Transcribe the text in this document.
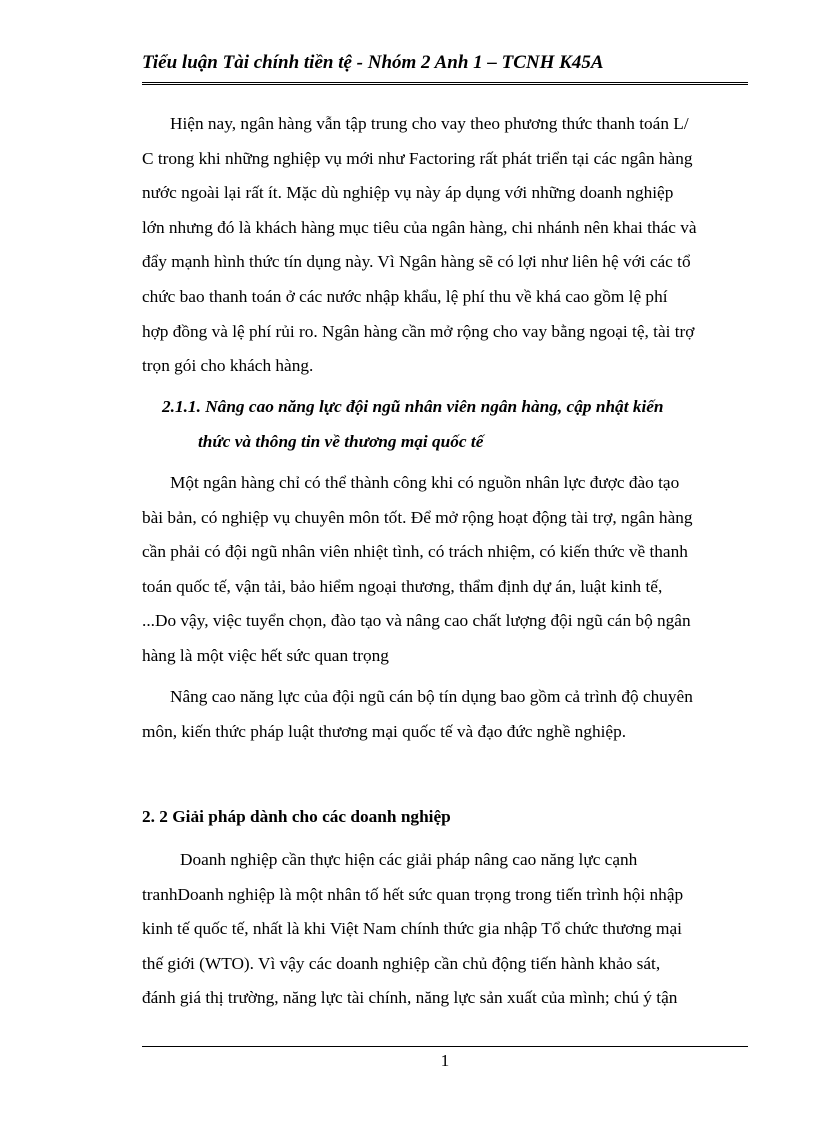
Tiểu luận Tài chính tiền tệ - Nhóm 2 Anh 1 – TCNH K45A
Hiện nay, ngân hàng vẫn tập trung cho vay theo phương thức thanh toán L/
C trong khi những nghiệp vụ mới như Factoring rất phát triển tại các ngân hàng
nước ngoài lại rất ít. Mặc dù nghiệp vụ này áp dụng với những doanh nghiệp
lớn nhưng đó là khách hàng mục tiêu của ngân hàng, chi nhánh nên khai thác và
đẩy mạnh hình thức tín dụng này. Vì Ngân hàng sẽ có lợi như liên hệ với các tổ
chức bao thanh toán ở các nước nhập khẩu, lệ phí thu về khá cao gồm lệ phí
hợp đồng và lệ phí rủi ro. Ngân hàng cần mở rộng cho vay bằng ngoại tệ, tài trợ
trọn gói cho khách hàng.
2.1.1. Nâng cao năng lực đội ngũ nhân viên ngân hàng, cập nhật kiến
thức và thông tin về thương mại quốc tế
Một ngân hàng chỉ có thể thành công khi có nguồn nhân lực được đào tạo
bài bản, có nghiệp vụ chuyên môn tốt. Để mở rộng hoạt động tài trợ, ngân hàng
cần phải có đội ngũ nhân viên nhiệt tình, có trách nhiệm, có kiến thức về thanh
toán quốc tế, vận tải, bảo hiểm ngoại thương, thẩm định dự án, luật kinh tế,
...Do vậy, việc tuyển chọn, đào tạo và nâng cao chất lượng đội ngũ cán bộ ngân
hàng là một việc hết sức quan trọng
Nâng cao năng lực của đội ngũ cán bộ tín dụng bao gồm cả trình độ chuyên
môn, kiến thức pháp luật thương mại quốc tế và đạo đức nghề nghiệp.
2. 2 Giải pháp dành cho các doanh nghiệp
Doanh nghiệp cần thực hiện các giải pháp nâng cao năng lực cạnh
tranhDoanh nghiệp là một nhân tố hết sức quan trọng trong tiến trình hội nhập
kinh tế quốc tế, nhất là khi Việt Nam chính thức gia nhập Tổ chức thương mại
thế giới (WTO). Vì vậy các doanh nghiệp cần chủ động tiến hành khảo sát,
đánh giá thị trường, năng lực tài chính, năng lực sản xuất của mình; chú ý tận
1
